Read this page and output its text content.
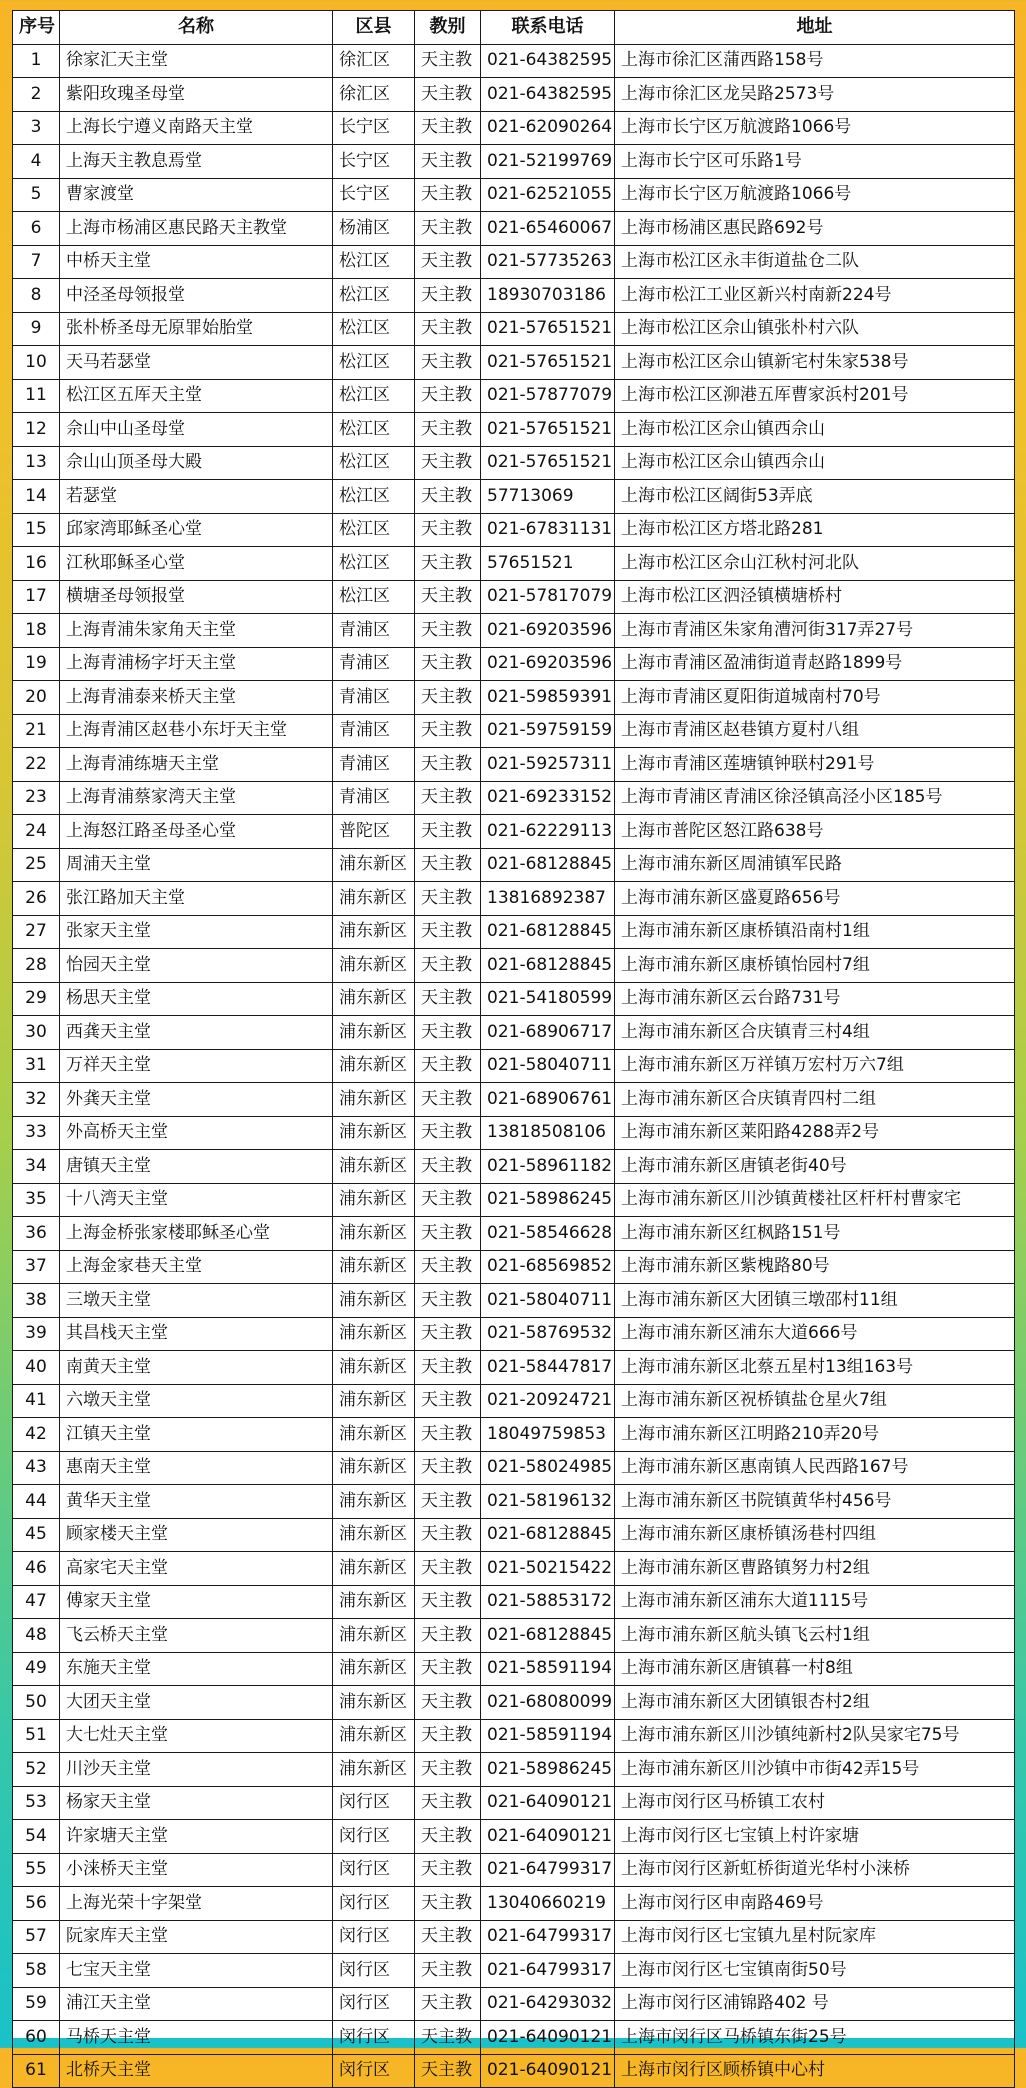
序号	名称	区县	教别	联系电话	地址
1	徐家汇天主堂	徐汇区	天主教	021-64382595	上海市徐汇区蒲西路158号
2	紫阳玫瑰圣母堂	徐汇区	天主教	021-64382595	上海市徐汇区龙吴路2573号
3	上海长宁遵义南路天主堂	长宁区	天主教	021-62090264	上海市长宁区万航渡路1066号
4	上海天主教息焉堂	长宁区	天主教	021-52199769	上海市长宁区可乐路1号
5	曹家渡堂	长宁区	天主教	021-62521055	上海市长宁区万航渡路1066号
6	上海市杨浦区惠民路天主教堂	杨浦区	天主教	021-65460067	上海市杨浦区惠民路692号
7	中桥天主堂	松江区	天主教	021-57735263	上海市松江区永丰街道盐仓二队
8	中泾圣母领报堂	松江区	天主教	18930703186	上海市松江工业区新兴村南新224号
9	张朴桥圣母无原罪始胎堂	松江区	天主教	021-57651521	上海市松江区佘山镇张朴村六队
10	天马若瑟堂	松江区	天主教	021-57651521	上海市松江区佘山镇新宅村朱家538号
11	松江区五厍天主堂	松江区	天主教	021-57877079	上海市松江区泖港五厍曹家浜村201号
12	佘山中山圣母堂	松江区	天主教	021-57651521	上海市松江区佘山镇西佘山
13	佘山山顶圣母大殿	松江区	天主教	021-57651521	上海市松江区佘山镇西佘山
14	若瑟堂	松江区	天主教	57713069	上海市松江区阔街53弄底
15	邱家湾耶稣圣心堂	松江区	天主教	021-67831131	上海市松江区方塔北路281
16	江秋耶稣圣心堂	松江区	天主教	57651521	上海市松江区佘山江秋村河北队
17	横塘圣母领报堂	松江区	天主教	021-57817079	上海市松江区泗泾镇横塘桥村
18	上海青浦朱家角天主堂	青浦区	天主教	021-69203596	上海市青浦区朱家角漕河街317弄27号
19	上海青浦杨字圩天主堂	青浦区	天主教	021-69203596	上海市青浦区盈浦街道青赵路1899号
20	上海青浦泰来桥天主堂	青浦区	天主教	021-59859391	上海市青浦区夏阳街道城南村70号
21	上海青浦区赵巷小东圩天主堂	青浦区	天主教	021-59759159	上海市青浦区赵巷镇方夏村八组
22	上海青浦练塘天主堂	青浦区	天主教	021-59257311	上海市青浦区莲塘镇钟联村291号
23	上海青浦蔡家湾天主堂	青浦区	天主教	021-69233152	上海市青浦区青浦区徐泾镇高泾小区185号
24	上海怒江路圣母圣心堂	普陀区	天主教	021-62229113	上海市普陀区怒江路638号
25	周浦天主堂	浦东新区	天主教	021-68128845	上海市浦东新区周浦镇军民路
26	张江路加天主堂	浦东新区	天主教	13816892387	上海市浦东新区盛夏路656号
27	张家天主堂	浦东新区	天主教	021-68128845	上海市浦东新区康桥镇沿南村1组
28	怡园天主堂	浦东新区	天主教	021-68128845	上海市浦东新区康桥镇怡园村7组
29	杨思天主堂	浦东新区	天主教	021-54180599	上海市浦东新区云台路731号
30	西龚天主堂	浦东新区	天主教	021-68906717	上海市浦东新区合庆镇青三村4组
31	万祥天主堂	浦东新区	天主教	021-58040711	上海市浦东新区万祥镇万宏村万六7组
32	外龚天主堂	浦东新区	天主教	021-68906761	上海市浦东新区合庆镇青四村二组
33	外高桥天主堂	浦东新区	天主教	13818508106	上海市浦东新区莱阳路4288弄2号
34	唐镇天主堂	浦东新区	天主教	021-58961182	上海市浦东新区唐镇老街40号
35	十八湾天主堂	浦东新区	天主教	021-58986245	上海市浦东新区川沙镇黄楼社区杆杆村曹家宅
36	上海金桥张家楼耶稣圣心堂	浦东新区	天主教	021-58546628	上海市浦东新区红枫路151号
37	上海金家巷天主堂	浦东新区	天主教	021-68569852	上海市浦东新区紫槐路80号
38	三墩天主堂	浦东新区	天主教	021-58040711	上海市浦东新区大团镇三墩邵村11组
39	其昌栈天主堂	浦东新区	天主教	021-58769532	上海市浦东新区浦东大道666号
40	南黄天主堂	浦东新区	天主教	021-58447817	上海市浦东新区北蔡五星村13组163号
41	六墩天主堂	浦东新区	天主教	021-20924721	上海市浦东新区祝桥镇盐仓星火7组
42	江镇天主堂	浦东新区	天主教	18049759853	上海市浦东新区江明路210弄20号
43	惠南天主堂	浦东新区	天主教	021-58024985	上海市浦东新区惠南镇人民西路167号
44	黄华天主堂	浦东新区	天主教	021-58196132	上海市浦东新区书院镇黄华村456号
45	顾家楼天主堂	浦东新区	天主教	021-68128845	上海市浦东新区康桥镇汤巷村四组
46	高家宅天主堂	浦东新区	天主教	021-50215422	上海市浦东新区曹路镇努力村2组
47	傅家天主堂	浦东新区	天主教	021-58853172	上海市浦东新区浦东大道1115号
48	飞云桥天主堂	浦东新区	天主教	021-68128845	上海市浦东新区航头镇飞云村1组
49	东施天主堂	浦东新区	天主教	021-58591194	上海市浦东新区唐镇暮一村8组
50	大团天主堂	浦东新区	天主教	021-68080099	上海市浦东新区大团镇银杏村2组
51	大七灶天主堂	浦东新区	天主教	021-58591194	上海市浦东新区川沙镇纯新村2队吴家宅75号
52	川沙天主堂	浦东新区	天主教	021-58986245	上海市浦东新区川沙镇中市街42弄15号
53	杨家天主堂	闵行区	天主教	021-64090121	上海市闵行区马桥镇工农村
54	许家塘天主堂	闵行区	天主教	021-64090121	上海市闵行区七宝镇上村许家塘
55	小涞桥天主堂	闵行区	天主教	021-64799317	上海市闵行区新虹桥街道光华村小涞桥
56	上海光荣十字架堂	闵行区	天主教	13040660219	上海市闵行区申南路469号
57	阮家库天主堂	闵行区	天主教	021-64799317	上海市闵行区七宝镇九星村阮家库
58	七宝天主堂	闵行区	天主教	021-64799317	上海市闵行区七宝镇南街50号
59	浦江天主堂	闵行区	天主教	021-64293032	上海市闵行区浦锦路402 号
60	马桥天主堂	闵行区	天主教	021-64090121	上海市闵行区马桥镇东街25号
61	北桥天主堂	闵行区	天主教	021-64090121	上海市闵行区顾桥镇中心村
